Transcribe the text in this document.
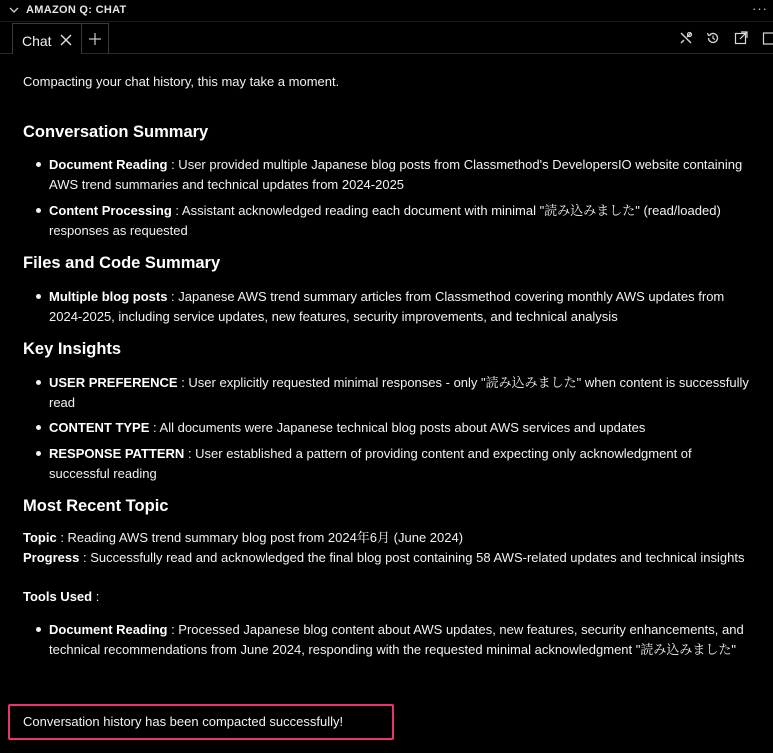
AMAZON Q: CHAT	···
Chat
Compacting your chat history, this may take a moment.
Conversation Summary
Document Reading : User provided multiple Japanese blog posts from Classmethod's DevelopersIO website containing AWS trend summaries and technical updates from 2024-2025
Content Processing : Assistant acknowledged reading each document with minimal "読み込みました" (read/loaded) responses as requested
Files and Code Summary
Multiple blog posts : Japanese AWS trend summary articles from Classmethod covering monthly AWS updates from 2024-2025, including service updates, new features, security improvements, and technical analysis
Key Insights
USER PREFERENCE : User explicitly requested minimal responses - only "読み込みました" when content is successfully read
CONTENT TYPE : All documents were Japanese technical blog posts about AWS services and updates
RESPONSE PATTERN : User established a pattern of providing content and expecting only acknowledgment of successful reading
Most Recent Topic
Topic : Reading AWS trend summary blog post from 2024年6月 (June 2024)
Progress : Successfully read and acknowledged the final blog post containing 58 AWS-related updates and technical insights
Tools Used :
Document Reading : Processed Japanese blog content about AWS updates, new features, security enhancements, and technical recommendations from June 2024, responding with the requested minimal acknowledgment "読み込みました"
Conversation history has been compacted successfully!
